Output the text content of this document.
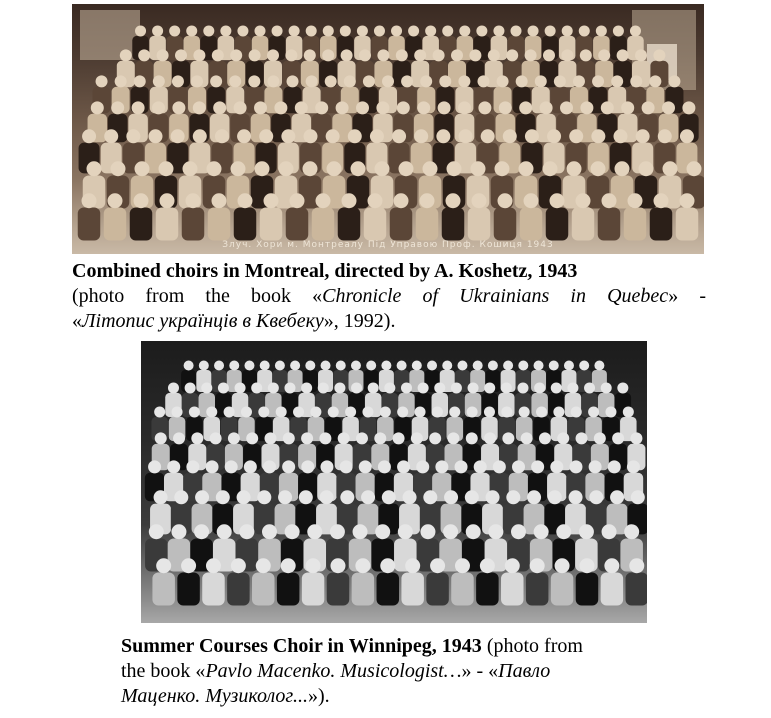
Злуч. Хори м. Монтреалу Під Управою Проф. Кошиця 1943
Combined choirs in Montreal, directed by A. Koshetz, 1943
(photo from the book «Chronicle of Ukrainians in Quebec» -
«Літопис українців в Квебеку», 1992).
Summer Courses Choir in Winnipeg, 1943 (photo from
the book «Pavlo Macenko. Musicologist…» - «Павло
Маценко. Музиколог...»).
